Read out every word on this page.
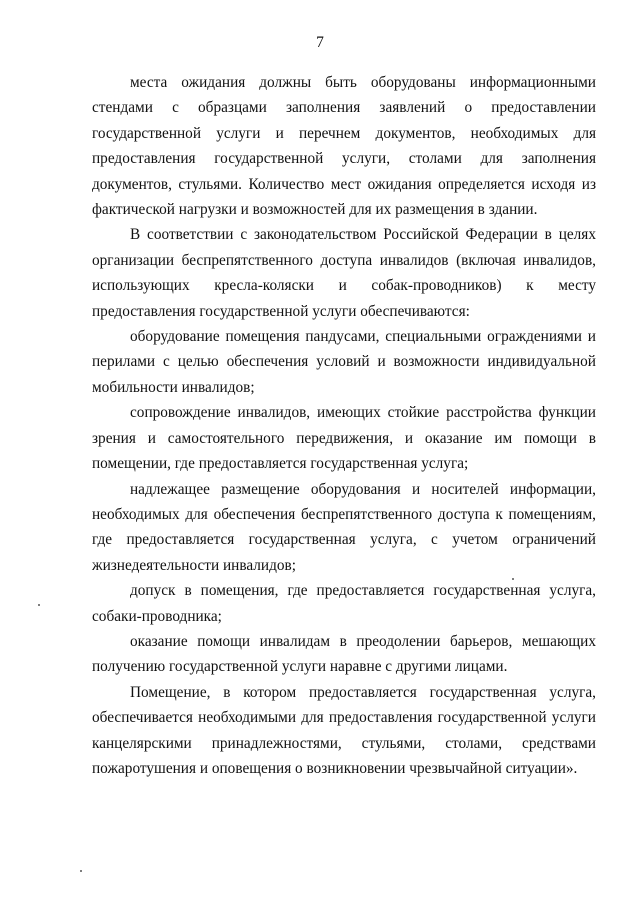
7

места ожидания должны быть оборудованы информационными стендами с образцами заполнения заявлений о предоставлении государственной услуги и перечнем документов, необходимых для предоставления государственной услуги, столами для заполнения документов, стульями. Количество мест ожидания определяется исходя из фактической нагрузки и возможностей для их размещения в здании.

В соответствии с законодательством Российской Федерации в целях организации беспрепятственного доступа инвалидов (включая инвалидов, использующих кресла-коляски и собак-проводников) к месту предоставления государственной услуги обеспечиваются:

оборудование помещения пандусами, специальными ограждениями и перилами с целью обеспечения условий и возможности индивидуальной мобильности инвалидов;

сопровождение инвалидов, имеющих стойкие расстройства функции зрения и самостоятельного передвижения, и оказание им помощи в помещении, где предоставляется государственная услуга;

надлежащее размещение оборудования и носителей информации, необходимых для обеспечения беспрепятственного доступа к помещениям, где предоставляется государственная услуга, с учетом ограничений жизнедеятельности инвалидов;

допуск в помещения, где предоставляется государственная услуга, собаки-проводника;

оказание помощи инвалидам в преодолении барьеров, мешающих получению государственной услуги наравне с другими лицами.

Помещение, в котором предоставляется государственная услуга, обеспечивается необходимыми для предоставления государственной услуги канцелярскими принадлежностями, стульями, столами, средствами пожаротушения и оповещения о возникновении чрезвычайной ситуации».
